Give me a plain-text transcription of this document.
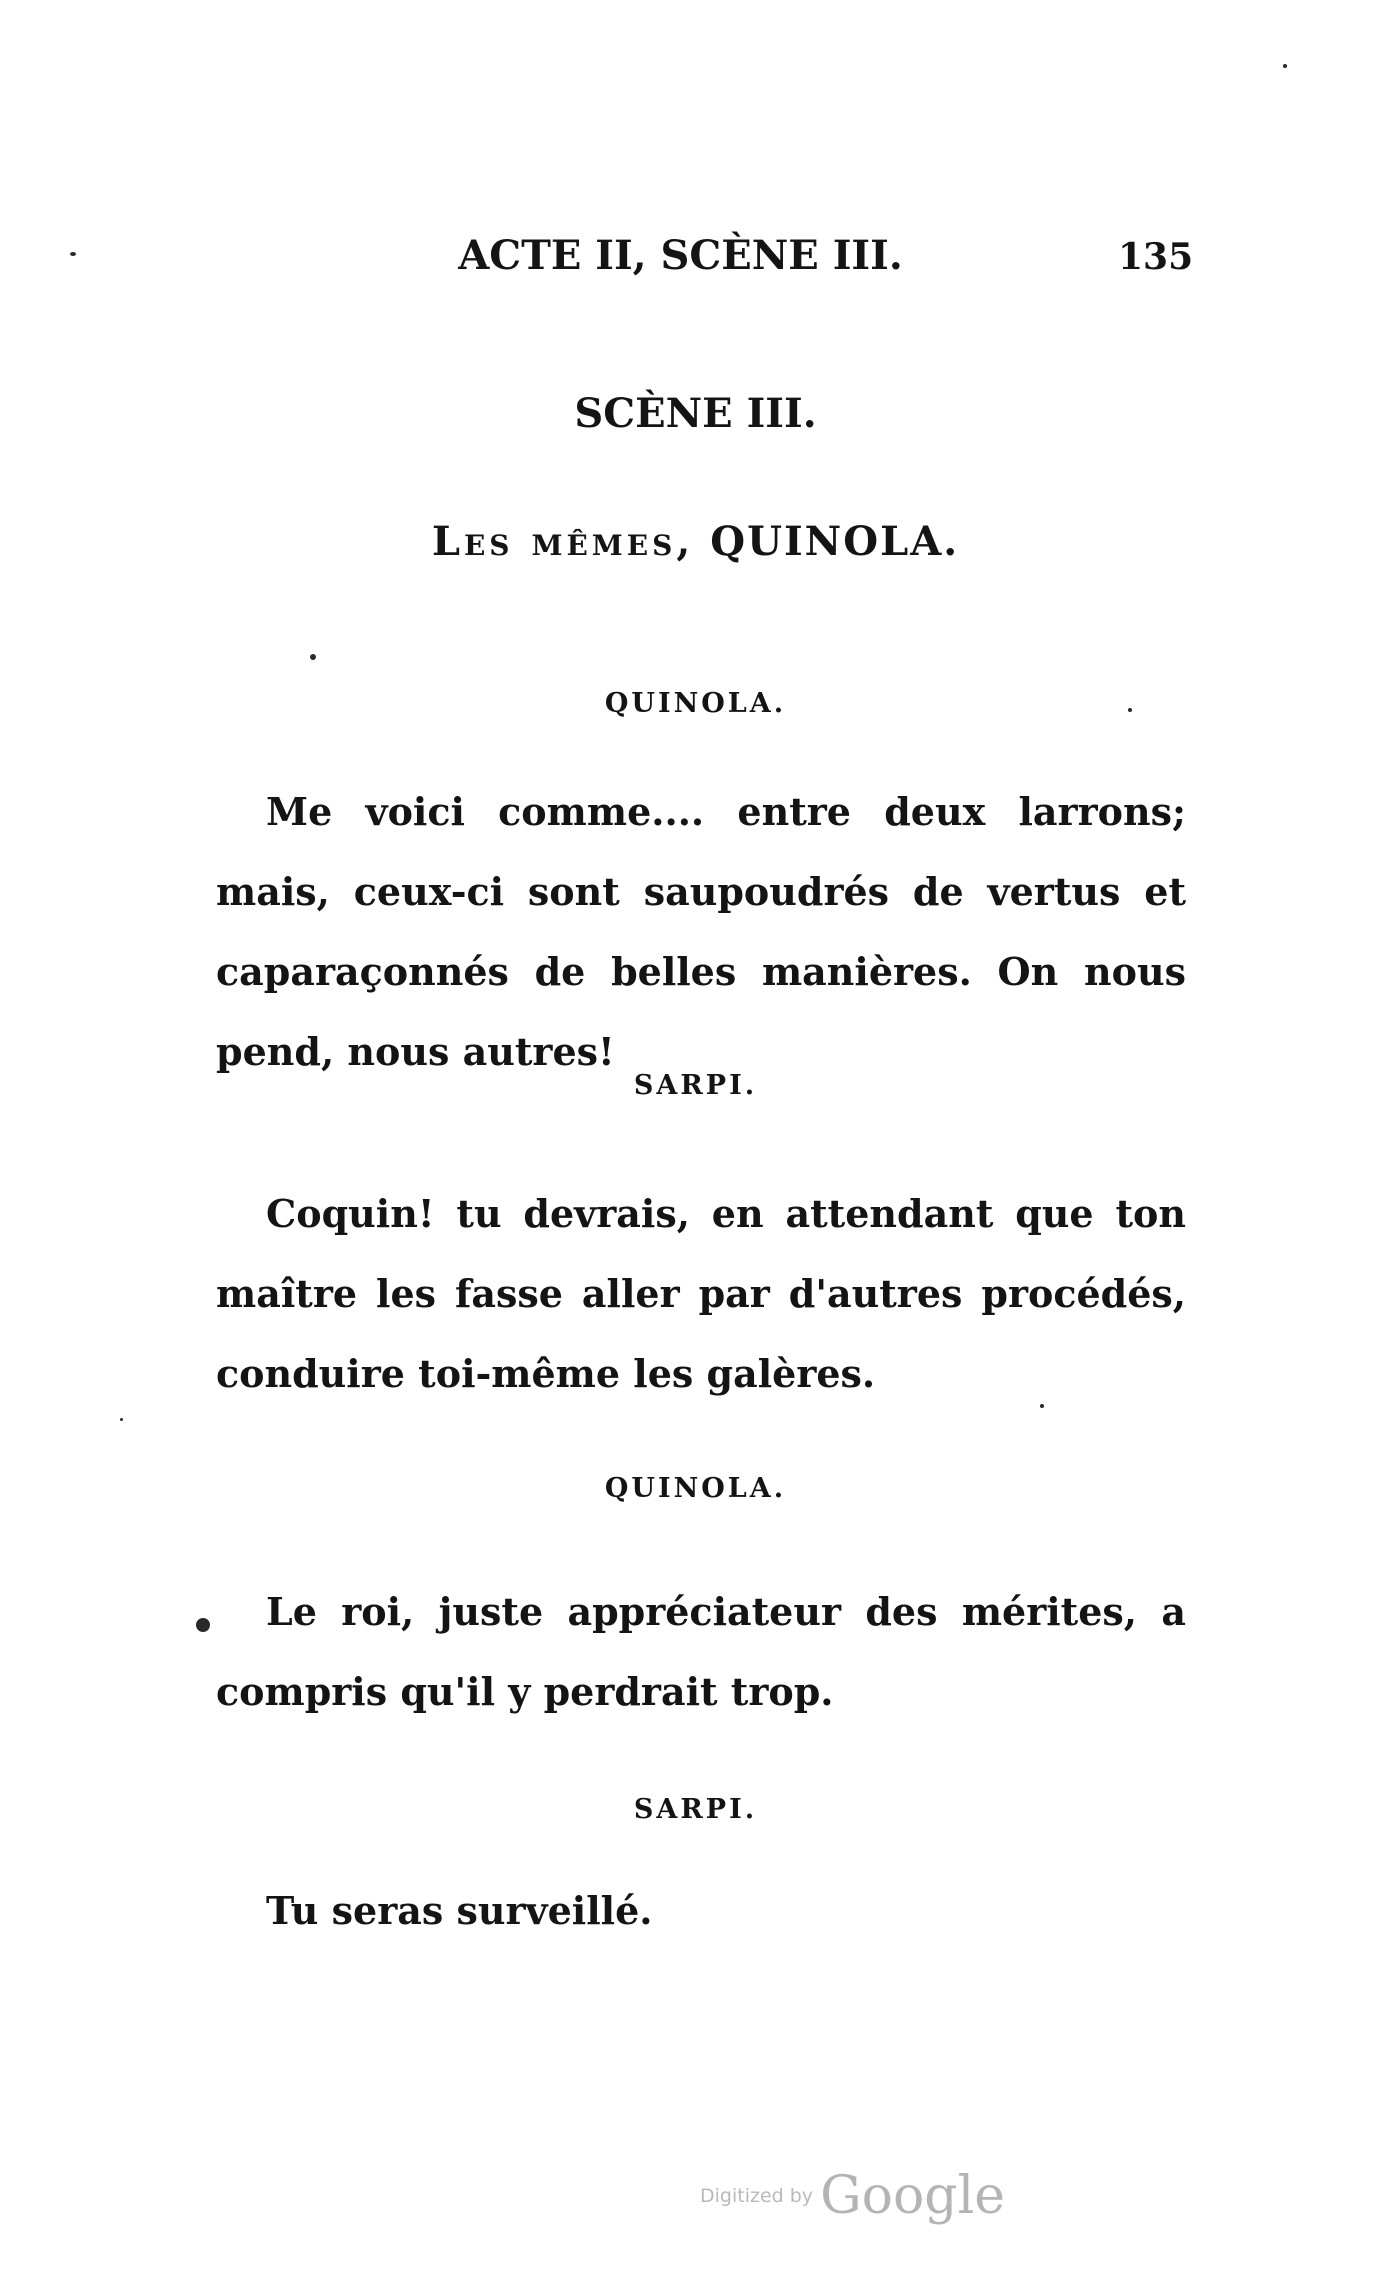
ACTE II, SCÈNE III.	135
SCÈNE III.
Les mêmes, QUINOLA.
QUINOLA.
Me voici comme.... entre deux larrons; mais, ceux-ci sont saupoudrés de vertus et caparaçonnés de belles manières. On nous pend, nous autres!
SARPI.
Coquin! tu devrais, en attendant que ton maître les fasse aller par d'autres procédés, conduire toi-même les galères.
QUINOLA.
Le roi, juste appréciateur des mérites, a compris qu'il y perdrait trop.
SARPI.
Tu seras surveillé.
Digitized by Google
